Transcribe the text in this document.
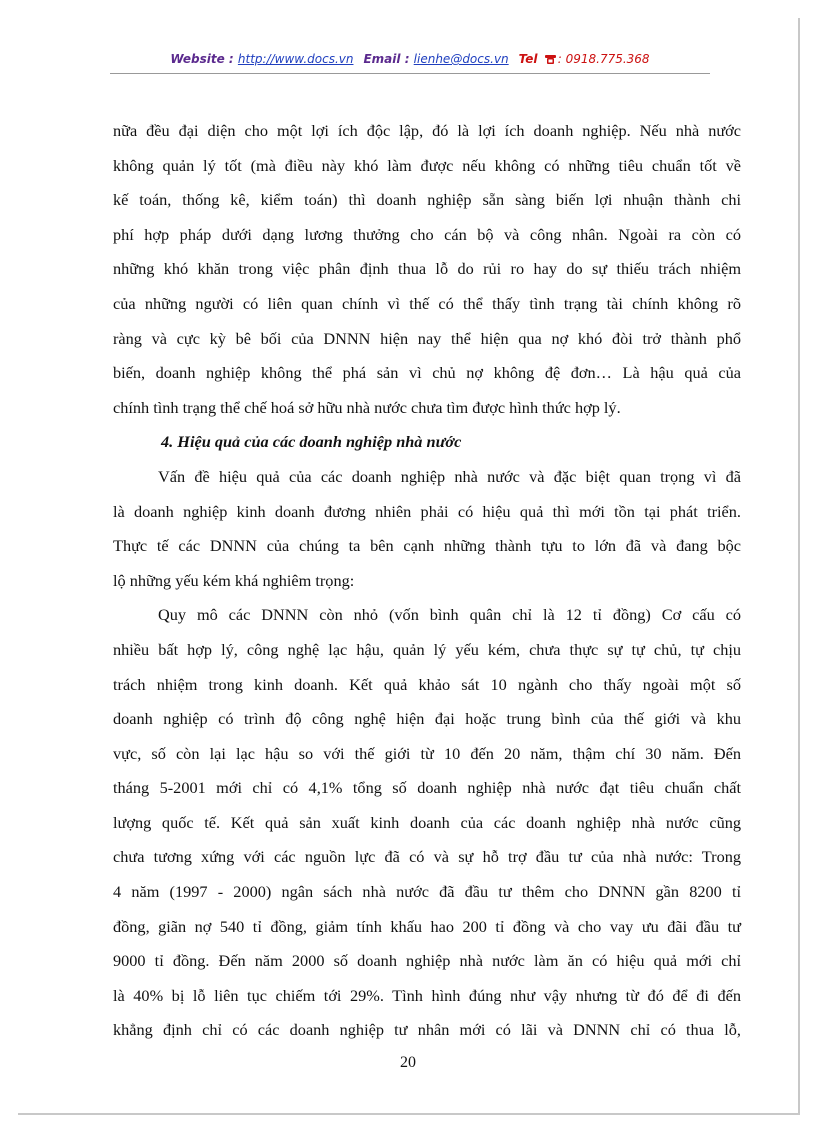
Website : http://www.docs.vn Email : lienhe@docs.vn Tel : 0918.775.368

nữa đều đại diện cho một lợi ích độc lập, đó là lợi ích doanh nghiệp. Nếu nhà nước
không quản lý tốt (mà điều này khó làm được nếu không có những tiêu chuẩn tốt về
kế toán, thống kê, kiểm toán) thì doanh nghiệp sẵn sàng biến lợi nhuận thành chi
phí hợp pháp dưới dạng lương thưởng cho cán bộ và công nhân. Ngoài ra còn có
những khó khăn trong việc phân định thua lỗ do rủi ro hay do sự thiếu trách nhiệm
của những người có liên quan chính vì thế có thể thấy tình trạng tài chính không rõ
ràng và cực kỳ bê bối của DNNN hiện nay thể hiện qua nợ khó đòi trở thành phổ
biến, doanh nghiệp không thể phá sản vì chủ nợ không đệ đơn… Là hậu quả của
chính tình trạng thể chế hoá sở hữu nhà nước chưa tìm được hình thức hợp lý.

4. Hiệu quả của các doanh nghiệp nhà nước

Vấn đề hiệu quả của các doanh nghiệp nhà nước và đặc biệt quan trọng vì đã
là doanh nghiệp kinh doanh đương nhiên phải có hiệu quả thì mới tồn tại phát triển.
Thực tế các DNNN của chúng ta bên cạnh những thành tựu to lớn đã và đang bộc
lộ những yếu kém khá nghiêm trọng:

Quy mô các DNNN còn nhỏ (vốn bình quân chỉ là 12 tỉ đồng) Cơ cấu có
nhiều bất hợp lý, công nghệ lạc hậu, quản lý yếu kém, chưa thực sự tự chủ, tự chịu
trách nhiệm trong kinh doanh. Kết quả khảo sát 10 ngành cho thấy ngoài một số
doanh nghiệp có trình độ công nghệ hiện đại hoặc trung bình của thế giới và khu
vực, số còn lại lạc hậu so với thế giới từ 10 đến 20 năm, thậm chí 30 năm. Đến
tháng 5-2001 mới chỉ có 4,1% tổng số doanh nghiệp nhà nước đạt tiêu chuẩn chất
lượng quốc tế. Kết quả sản xuất kinh doanh của các doanh nghiệp nhà nước cũng
chưa tương xứng với các nguồn lực đã có và sự hỗ trợ đầu tư của nhà nước: Trong
4 năm (1997 - 2000) ngân sách nhà nước đã đầu tư thêm cho DNNN gần 8200 tỉ
đồng, giãn nợ 540 tỉ đồng, giảm tính khấu hao 200 tỉ đồng và cho vay ưu đãi đầu tư
9000 tỉ đồng. Đến năm 2000 số doanh nghiệp nhà nước làm ăn có hiệu quả mới chỉ
là 40% bị lỗ liên tục chiếm tới 29%. Tình hình đúng như vậy nhưng từ đó để đi đến
khẳng định chỉ có các doanh nghiệp tư nhân mới có lãi và DNNN chỉ có thua lỗ,

20
